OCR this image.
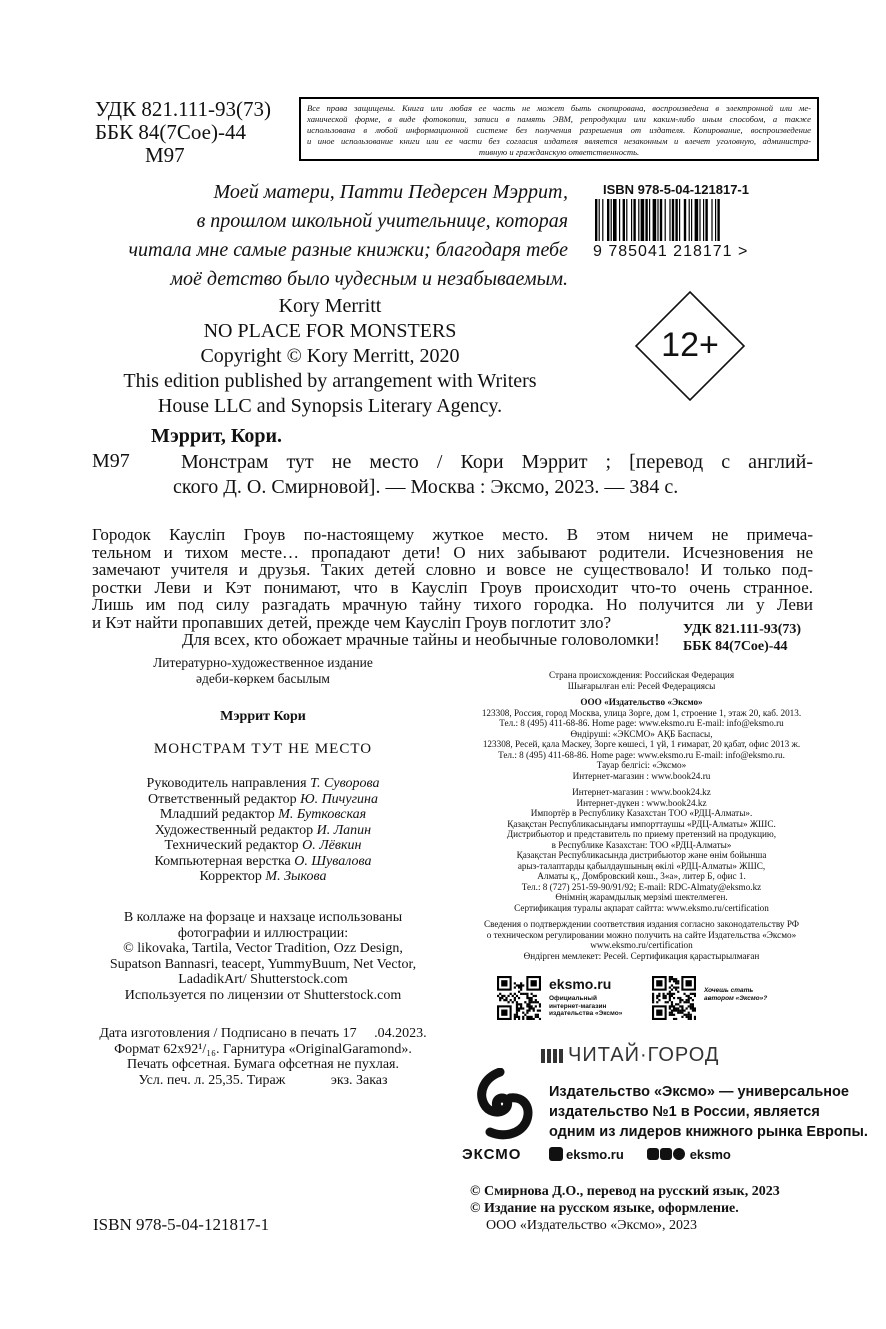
УДК 821.111-93(73)
ББК 84(7Сое)-44
М97
Все права защищены. Книга или любая ее часть не может быть скопирована, воспроизведена в электронной или ме-
ханической форме, в виде фотокопии, записи в память ЭВМ, репродукции или каким-либо иным способом, а также
использована в любой информационной системе без получения разрешения от издателя. Копирование, воспроизведение
и иное использование книги или ее части без согласия издателя является незаконным и влечет уголовную, администра-
тивную и гражданскую ответственность.
Моей матери, Патти Педерсен Мэррит,
в прошлом школьной учительнице, которая
читала мне самые разные книжки; благодаря тебе
моё детство было чудесным и незабываемым.
Kory Merritt
NO PLACE FOR MONSTERS
Copyright © Kory Merritt, 2020
This edition published by arrangement with Writers
House LLC and Synopsis Literary Agency.
ISBN 978-5-04-121817-1
9 785041 218171 >
12+
Мэррит, Кори.
М97	Монстрам тут не место / Кори Мэррит ; [перевод с англий-
ского Д. О. Смирновой]. — Москва : Эксмо, 2023. — 384 с.
Городок Каусліп Гроув по-настоящему жуткое место. В этом ничем не примеча-
тельном и тихом месте… пропадают дети! О них забывают родители. Исчезновения не
замечают учителя и друзья. Таких детей словно и вовсе не существовало! И только под-
ростки Леви и Кэт понимают, что в Каусліп Гроув происходит что-то очень странное.
Лишь им под силу разгадать мрачную тайну тихого городка. Но получится ли у Леви
и Кэт найти пропавших детей, прежде чем Каусліп Гроув поглотит зло?
Для всех, кто обожает мрачные тайны и необычные головоломки!
УДК 821.111-93(73)
ББК 84(7Сое)-44
Литературно-художественное издание
әдеби-көркем басылым
Мэррит Кори
МОНСТРАМ ТУТ НЕ МЕСТО
Руководитель направления Т. Суворова
Ответственный редактор Ю. Пичугина
Младший редактор М. Бутковская
Художественный редактор И. Лапин
Технический редактор О. Лёвкин
Компьютерная верстка О. Шувалова
Корректор М. Зыкова
В коллаже на форзаце и нахзаце использованы
фотографии и иллюстрации:
© likovaka, Tartila, Vector Tradition, Ozz Design,
Supatson Bannasri, teacept, YummyBuum, Net Vector,
LadadikArt/ Shutterstock.com
Используется по лицензии от Shutterstock.com
Дата изготовления / Подписано в печать 17     .04.2023.
Формат 62x92¹/₁₆. Гарнитура «OriginalGaramond».
Печать офсетная. Бумага офсетная не пухлая.
Усл. печ. л. 25,35. Тираж             экз. Заказ
ISBN 978-5-04-121817-1
Страна происхождения: Российская Федерация
Шығарылған елі: Ресей Федерациясы
ООО «Издательство «Эксмо»
123308, Россия, город Москва, улица Зорге, дом 1, строение 1, этаж 20, каб. 2013.
Тел.: 8 (495) 411-68-86. Home page: www.eksmo.ru E-mail: info@eksmo.ru
Өндіруші: «ЭКСМО» АҚБ Баспасы,
123308, Ресей, қала Мәскеу, Зорге көшесі, 1 үй, 1 ғимарат, 20 қабат, офис 2013 ж.
Тел.: 8 (495) 411-68-86. Home page: www.eksmo.ru E-mail: info@eksmo.ru.
Тауар белгісі: «Эксмо»
Интернет-магазин : www.book24.ru
Интернет-магазин : www.book24.kz
Интернет-дүкен : www.book24.kz
Импортёр в Республику Казахстан ТОО «РДЦ-Алматы».
Қазақстан Республикасындағы импорттаушы «РДЦ-Алматы» ЖШС.
Дистрибьютор и представитель по приему претензий на продукцию,
в Республике Казахстан: ТОО «РДЦ-Алматы»
Қазақстан Республикасында дистрибьютор және өнім бойынша
арыз-талаптарды қабылдаушының өкілі «РДЦ-Алматы» ЖШС,
Алматы қ., Домбровский көш., 3«а», литер Б, офис 1.
Тел.: 8 (727) 251-59-90/91/92; E-mail: RDC-Almaty@eksmo.kz
Өнімнің жарамдылық мерзімі шектелмеген.
Сертификация туралы ақпарат сайтта: www.eksmo.ru/certification
Сведения о подтверждении соответствия издания согласно законодательству РФ
о техническом регулировании можно получить на сайте Издательства «Эксмо»
www.eksmo.ru/certification
Өндірген мемлекет: Ресей. Сертификация қарастырылмаған
eksmo.ru
Официальный
интернет-магазин
издательства «Эксмо»
Хочешь стать
автором «Эксмо»?
ЧИТАЙ·ГОРОД
ЭКСМО
Издательство «Эксмо» — универсальное
издательство №1 в России, является
одним из лидеров книжного рынка Европы.
eksmo.ru	eksmo
© Смирнова Д.О., перевод на русский язык, 2023
© Издание на русском языке, оформление.
ООО «Издательство «Эксмо», 2023
